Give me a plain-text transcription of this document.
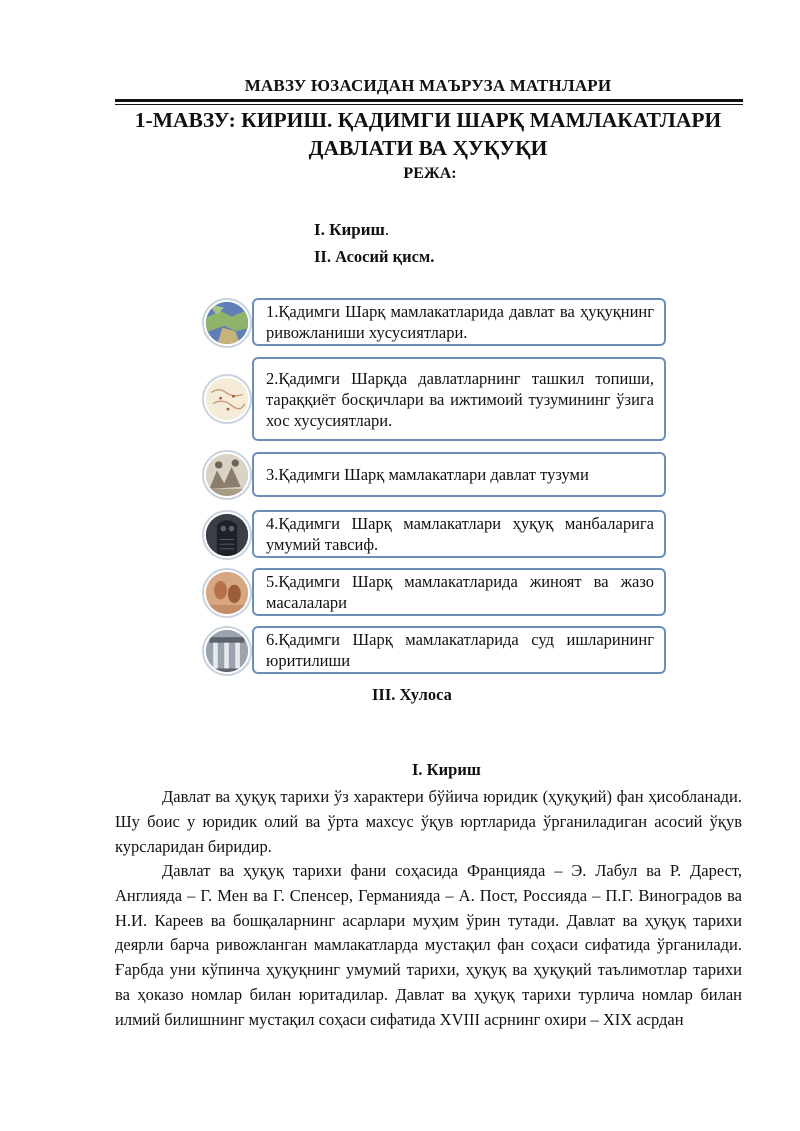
МАВЗУ ЮЗАСИДАН МАЪРУЗА МАТНЛАРИ
1-МАВЗУ: КИРИШ. ҚАДИМГИ ШАРҚ МАМЛАКАТЛАРИ
ДАВЛАТИ ВА ҲУҚУҚИ
РЕЖА:
I. Кириш.
II. Асосий қисм.
1.Қадимги Шарқ мамлакатларида давлат ва ҳуқуқнинг ривожланиши хусусиятлари.
2.Қадимги Шарқда давлатларнинг ташкил топиши, тараққиёт босқичлари ва ижтимоий тузумининг ўзига хос хусусиятлари.
3.Қадимги Шарқ мамлакатлари давлат тузуми
4.Қадимги Шарқ мамлакатлари ҳуқуқ манбаларига умумий тавсиф.
5.Қадимги Шарқ мамлакатларида жиноят ва жазо масалалари
6.Қадимги Шарқ мамлакатларида суд ишларининг юритилиши
III. Хулоса
I. Кириш

Давлат ва ҳуқуқ тарихи ўз характери бўйича юридик (ҳуқуқий) фан ҳисобланади. Шу боис у юридик олий ва ўрта махсус ўқув юртларида ўрганиладиган асосий ўқув курсларидан биридир.

Давлат ва ҳуқуқ тарихи фани соҳасида Францияда – Э. Лабул ва Р. Дарест, Англияда – Г. Мен ва Г. Спенсер, Германияда – А. Пост, Россияда – П.Г. Виноградов ва Н.И. Кареев ва бошқаларнинг асарлари муҳим ўрин тутади. Давлат ва ҳуқуқ тарихи деярли барча ривожланган мамлакатларда мустақил фан соҳаси сифатида ўрганилади. Ғарбда уни кўпинча ҳуқуқнинг умумий тарихи, ҳуқуқ ва ҳуқуқий таълимотлар тарихи ва ҳоказо номлар билан юритадилар. Давлат ва ҳуқуқ тарихи турлича номлар билан илмий билишнинг мустақил соҳаси сифатида XVIII асрнинг охири – XIX асрдан
